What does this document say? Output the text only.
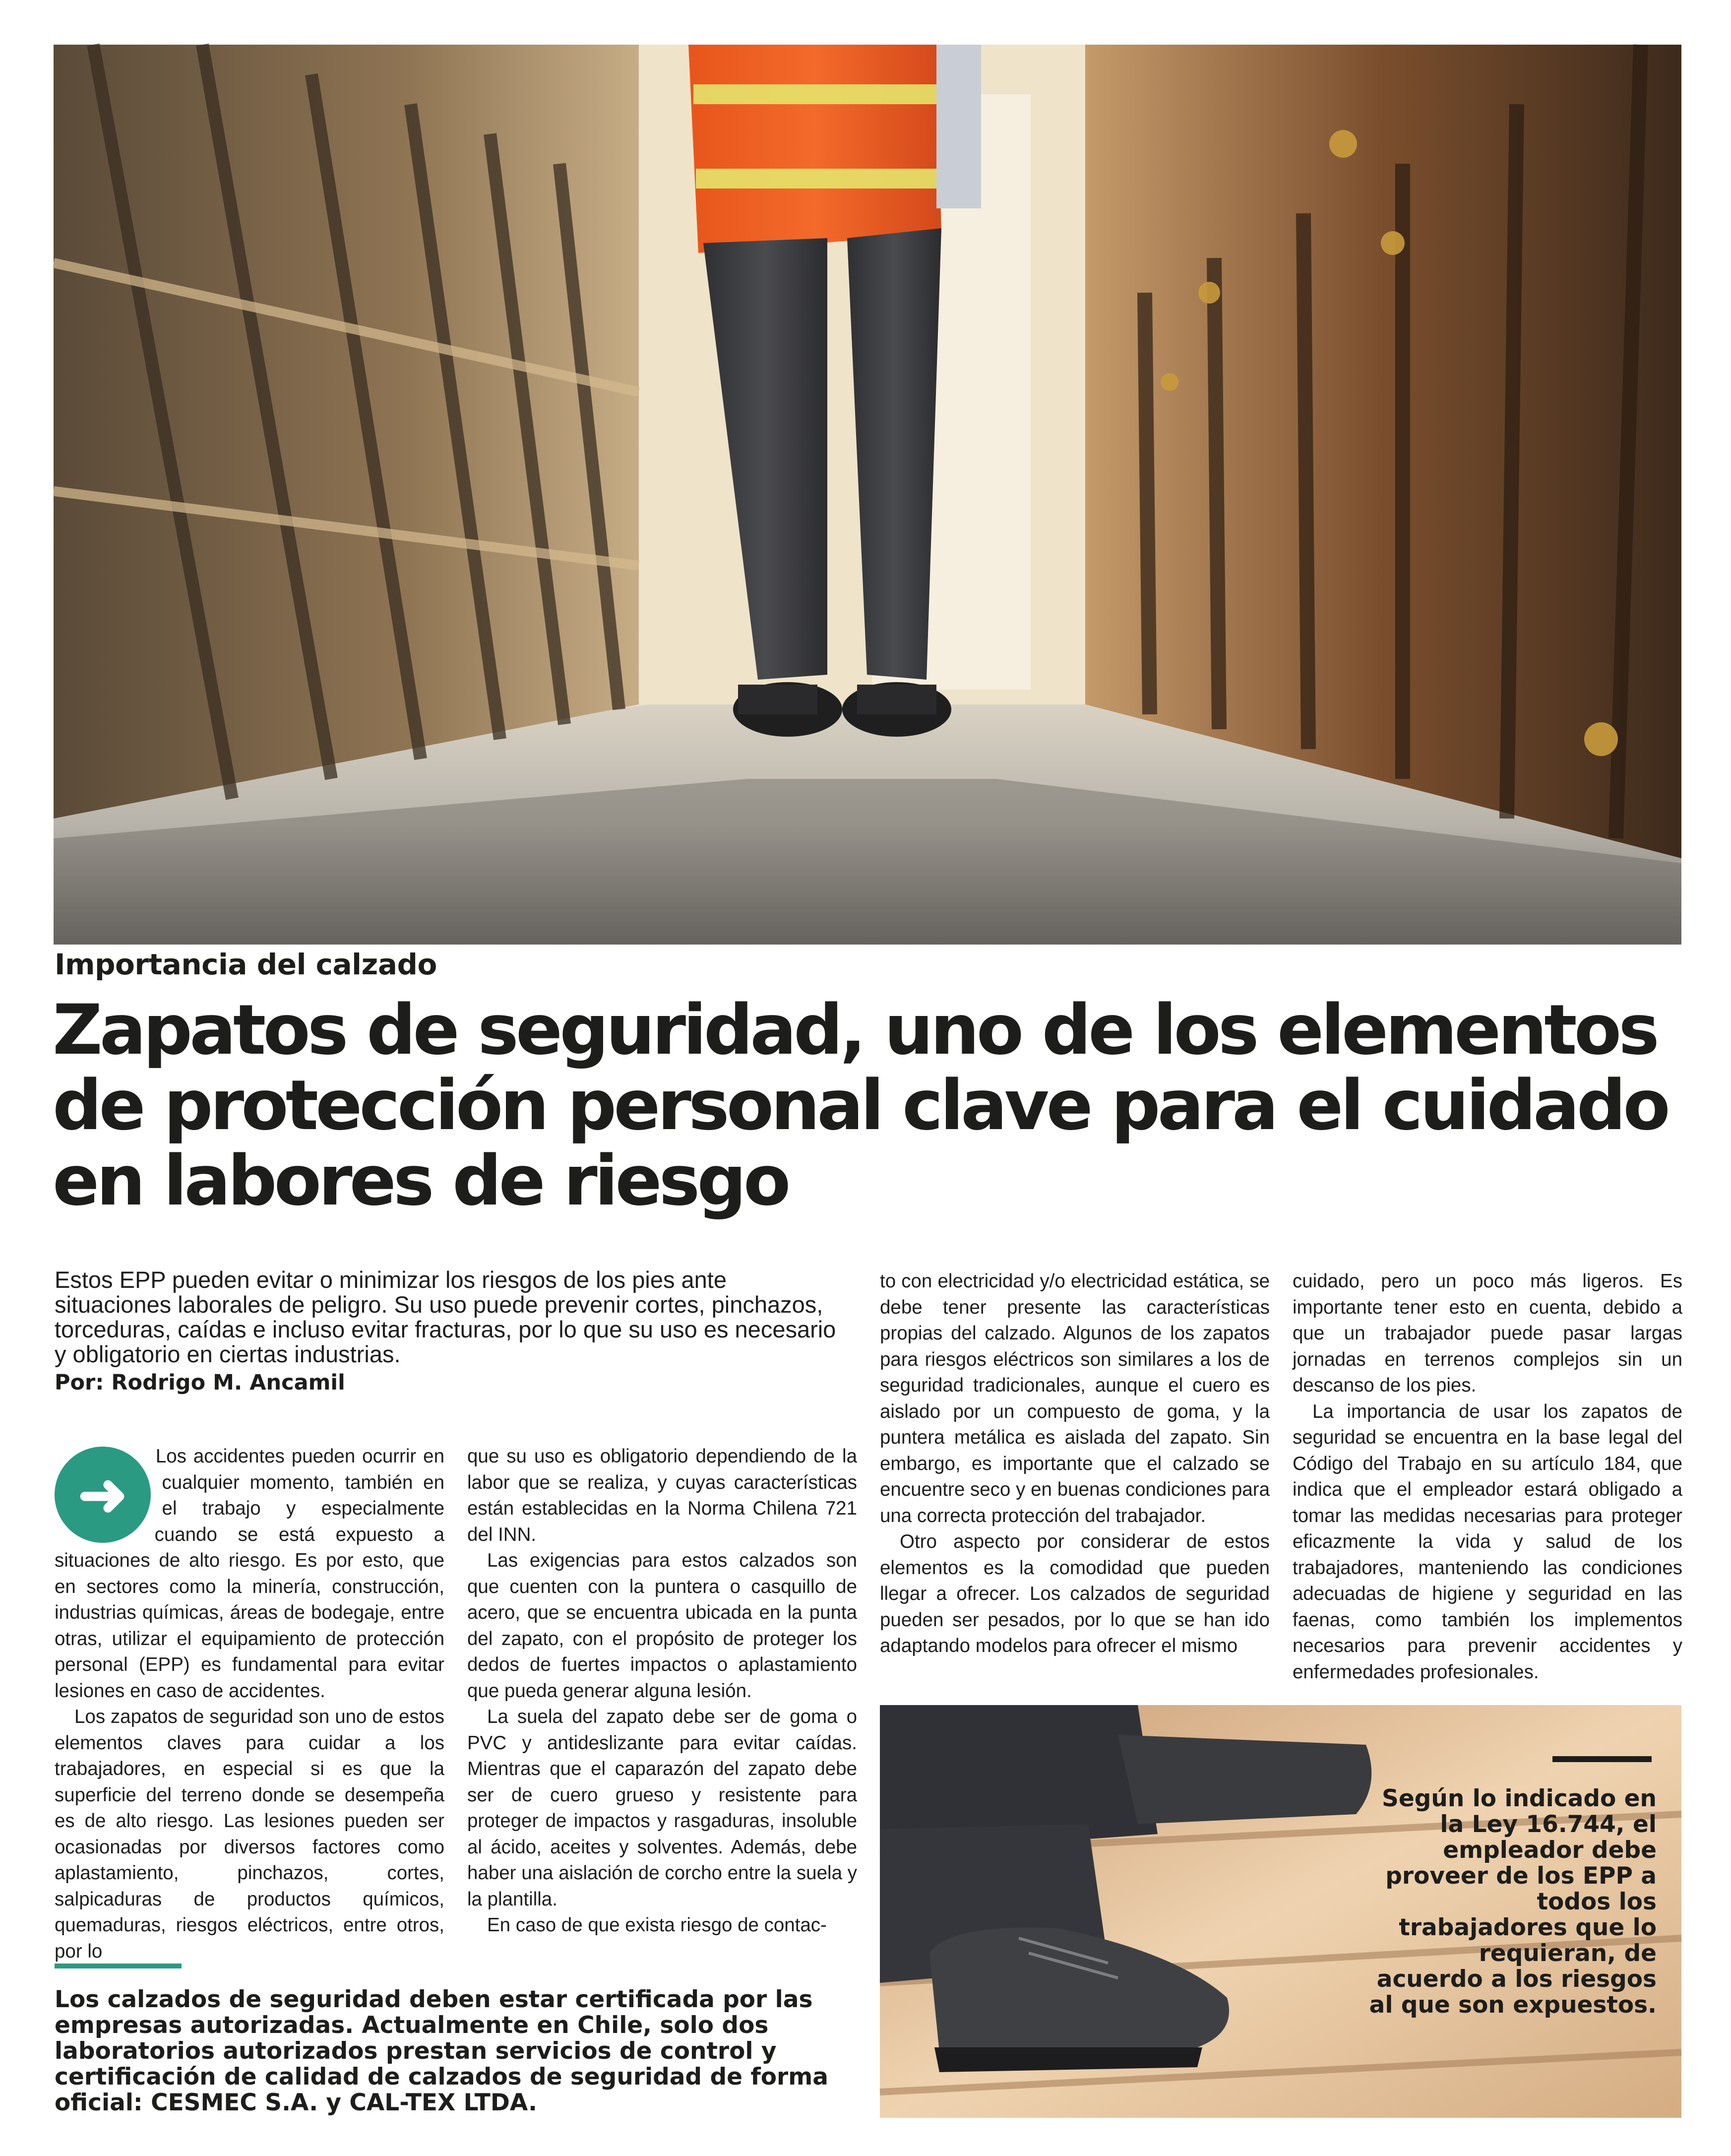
Importancia del calzado
Zapatos de seguridad, uno de los elementos de protección personal clave para el cuidado en labores de riesgo

Estos EPP pueden evitar o minimizar los riesgos de los pies ante situaciones laborales de peligro. Su uso puede prevenir cortes, pinchazos, torceduras, caídas e incluso evitar fracturas, por lo que su uso es necesario y obligatorio en ciertas industrias.

Por: Rodrigo M. Ancamil
➜

Los accidentes pueden ocurrir en cualquier momento, también en el trabajo y especialmente cuando se está expuesto a situaciones de alto riesgo. Es por esto, que en sectores como la minería, construcción, industrias químicas, áreas de bodegaje, entre otras, utilizar el equipamiento de protección personal (EPP) es fundamental para evitar lesiones en caso de accidentes.

Los zapatos de seguridad son uno de estos elementos claves para cuidar a los trabajadores, en especial si es que la superficie del terreno donde se desempeña es de alto riesgo. Las lesiones pueden ser ocasionadas por diversos factores como aplastamiento, pinchazos, cortes, salpicaduras de productos químicos, quemaduras, riesgos eléctricos, entre otros, por lo

que su uso es obligatorio dependiendo de la labor que se realiza, y cuyas características están establecidas en la Norma Chilena 721 del INN.

Las exigencias para estos calzados son que cuenten con la puntera o casquillo de acero, que se encuentra ubicada en la punta del zapato, con el propósito de proteger los dedos de fuertes impactos o aplastamiento que pueda generar alguna lesión.

La suela del zapato debe ser de goma o PVC y antideslizante para evitar caídas. Mientras que el caparazón del zapato debe ser de cuero grueso y resistente para proteger de impactos y rasgaduras, insoluble al ácido, aceites y solventes. Además, debe haber una aislación de corcho entre la suela y la plantilla.

En caso de que exista riesgo de contac-

to con electricidad y/o electricidad estática, se debe tener presente las características propias del calzado. Algunos de los zapatos para riesgos eléctricos son similares a los de seguridad tradicionales, aunque el cuero es aislado por un compuesto de goma, y la puntera metálica es aislada del zapato. Sin embargo, es importante que el calzado se encuentre seco y en buenas condiciones para una correcta protección del trabajador.

Otro aspecto por considerar de estos elementos es la comodidad que pueden llegar a ofrecer. Los calzados de seguridad pueden ser pesados, por lo que se han ido adaptando modelos para ofrecer el mismo

cuidado, pero un poco más ligeros. Es importante tener esto en cuenta, debido a que un trabajador puede pasar largas jornadas en terrenos complejos sin un descanso de los pies.

La importancia de usar los zapatos de seguridad se encuentra en la base legal del Código del Trabajo en su artículo 184, que indica que el empleador estará obligado a tomar las medidas necesarias para proteger eficazmente la vida y salud de los trabajadores, manteniendo las condiciones adecuadas de higiene y seguridad en las faenas, como también los implementos necesarios para prevenir accidentes y enfermedades profesionales.

Los calzados de seguridad deben estar certificada por las empresas autorizadas. Actualmente en Chile, solo dos laboratorios autorizados prestan servicios de control y certificación de calidad de calzados de seguridad de forma oficial: CESMEC S.A. y CAL-TEX LTDA.

Según lo indicado en la Ley 16.744, el empleador debe proveer de los EPP a todos los trabajadores que lo requieran, de acuerdo a los riesgos al que son expuestos.
